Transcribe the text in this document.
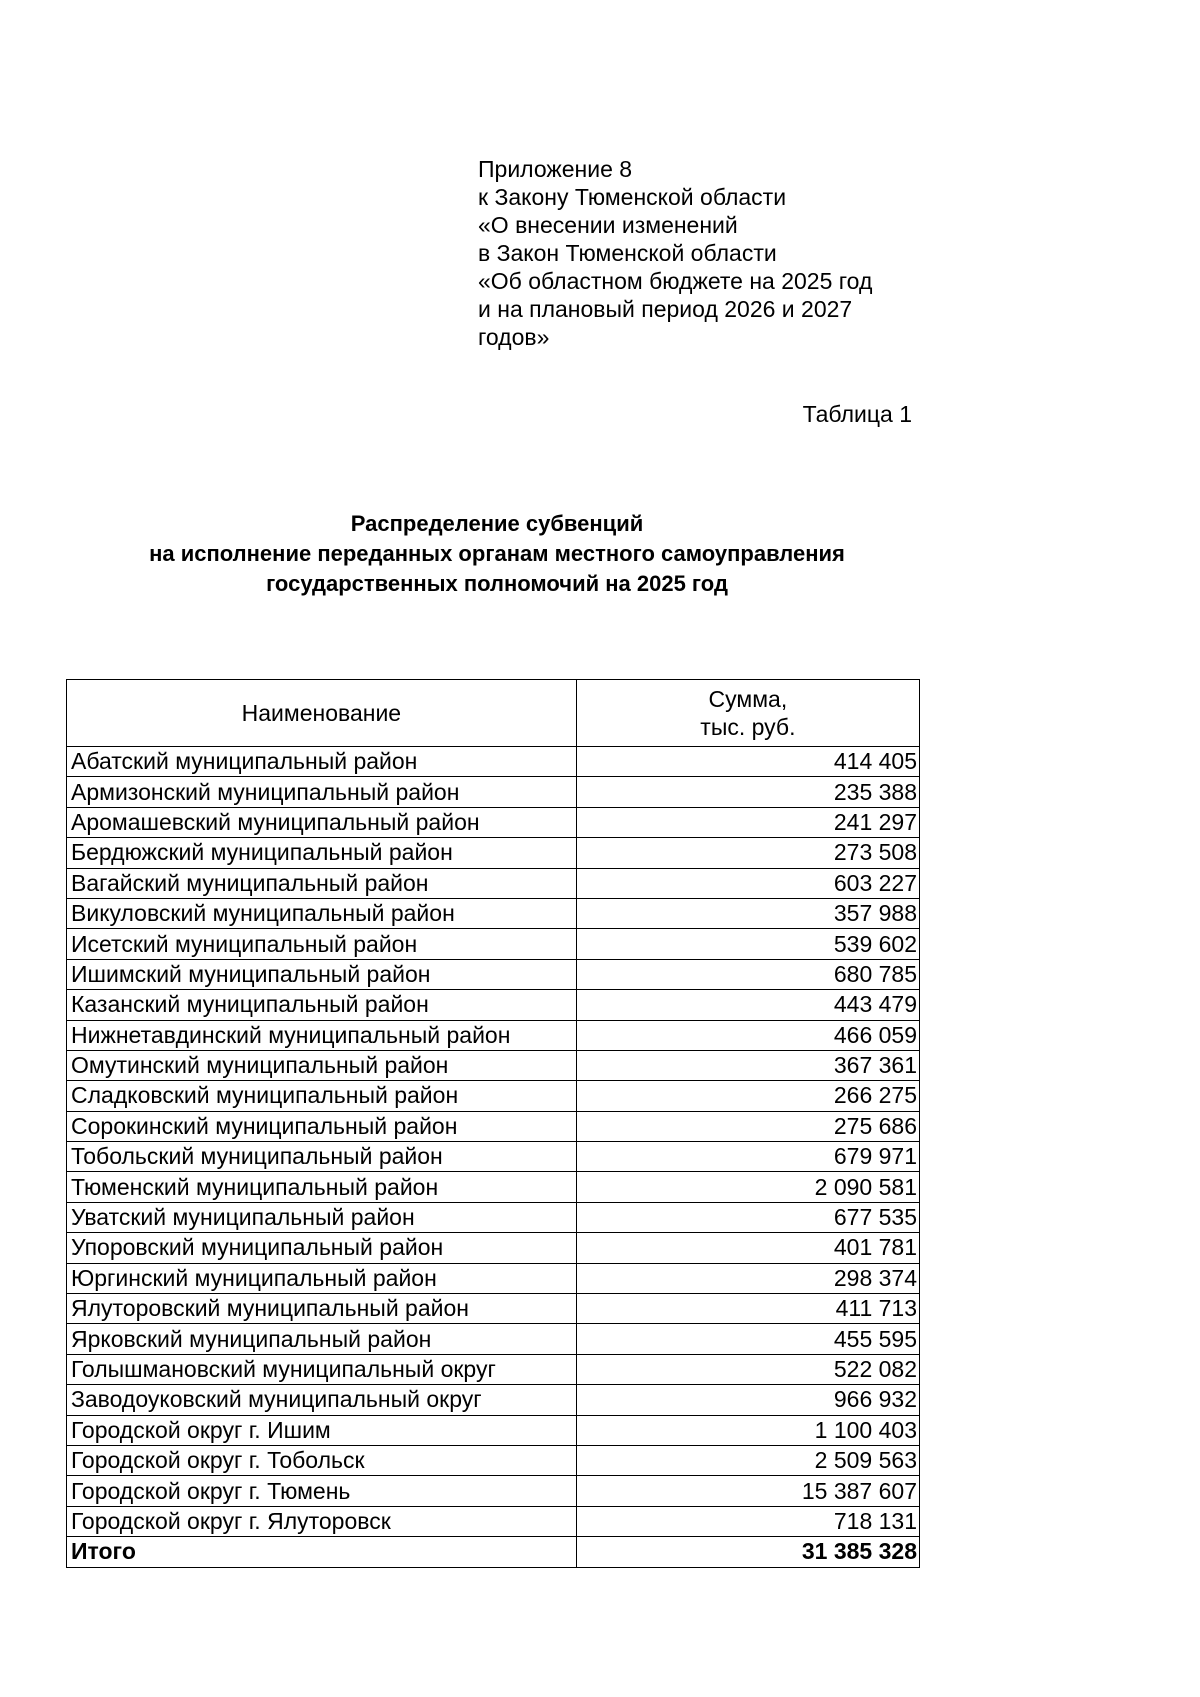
Приложение 8
к Закону Тюменской области
«О внесении изменений
в Закон Тюменской области
«Об областном бюджете на 2025 год
и на плановый период 2026 и 2027
годов»
Таблица 1
Распределение субвенций
на исполнение переданных органам местного самоуправления
государственных полномочий на 2025 год
Наименование	Сумма,
тыс. руб.

Абатский муниципальный район	414 405
Армизонский муниципальный район	235 388
Аромашевский муниципальный район	241 297
Бердюжский муниципальный район	273 508
Вагайский муниципальный район	603 227
Викуловский муниципальный район	357 988
Исетский муниципальный район	539 602
Ишимский муниципальный район	680 785
Казанский муниципальный район	443 479
Нижнетавдинский муниципальный район	466 059
Омутинский муниципальный район	367 361
Сладковский муниципальный район	266 275
Сорокинский муниципальный район	275 686
Тобольский муниципальный район	679 971
Тюменский муниципальный район	2 090 581
Уватский муниципальный район	677 535
Упоровский муниципальный район	401 781
Юргинский муниципальный район	298 374
Ялуторовский муниципальный район	411 713
Ярковский муниципальный район	455 595
Голышмановский муниципальный округ	522 082
Заводоуковский муниципальный округ	966 932
Городской округ г. Ишим	1 100 403
Городской округ г. Тобольск	2 509 563
Городской округ г. Тюмень	15 387 607
Городской округ г. Ялуторовск	718 131
Итого	31 385 328
